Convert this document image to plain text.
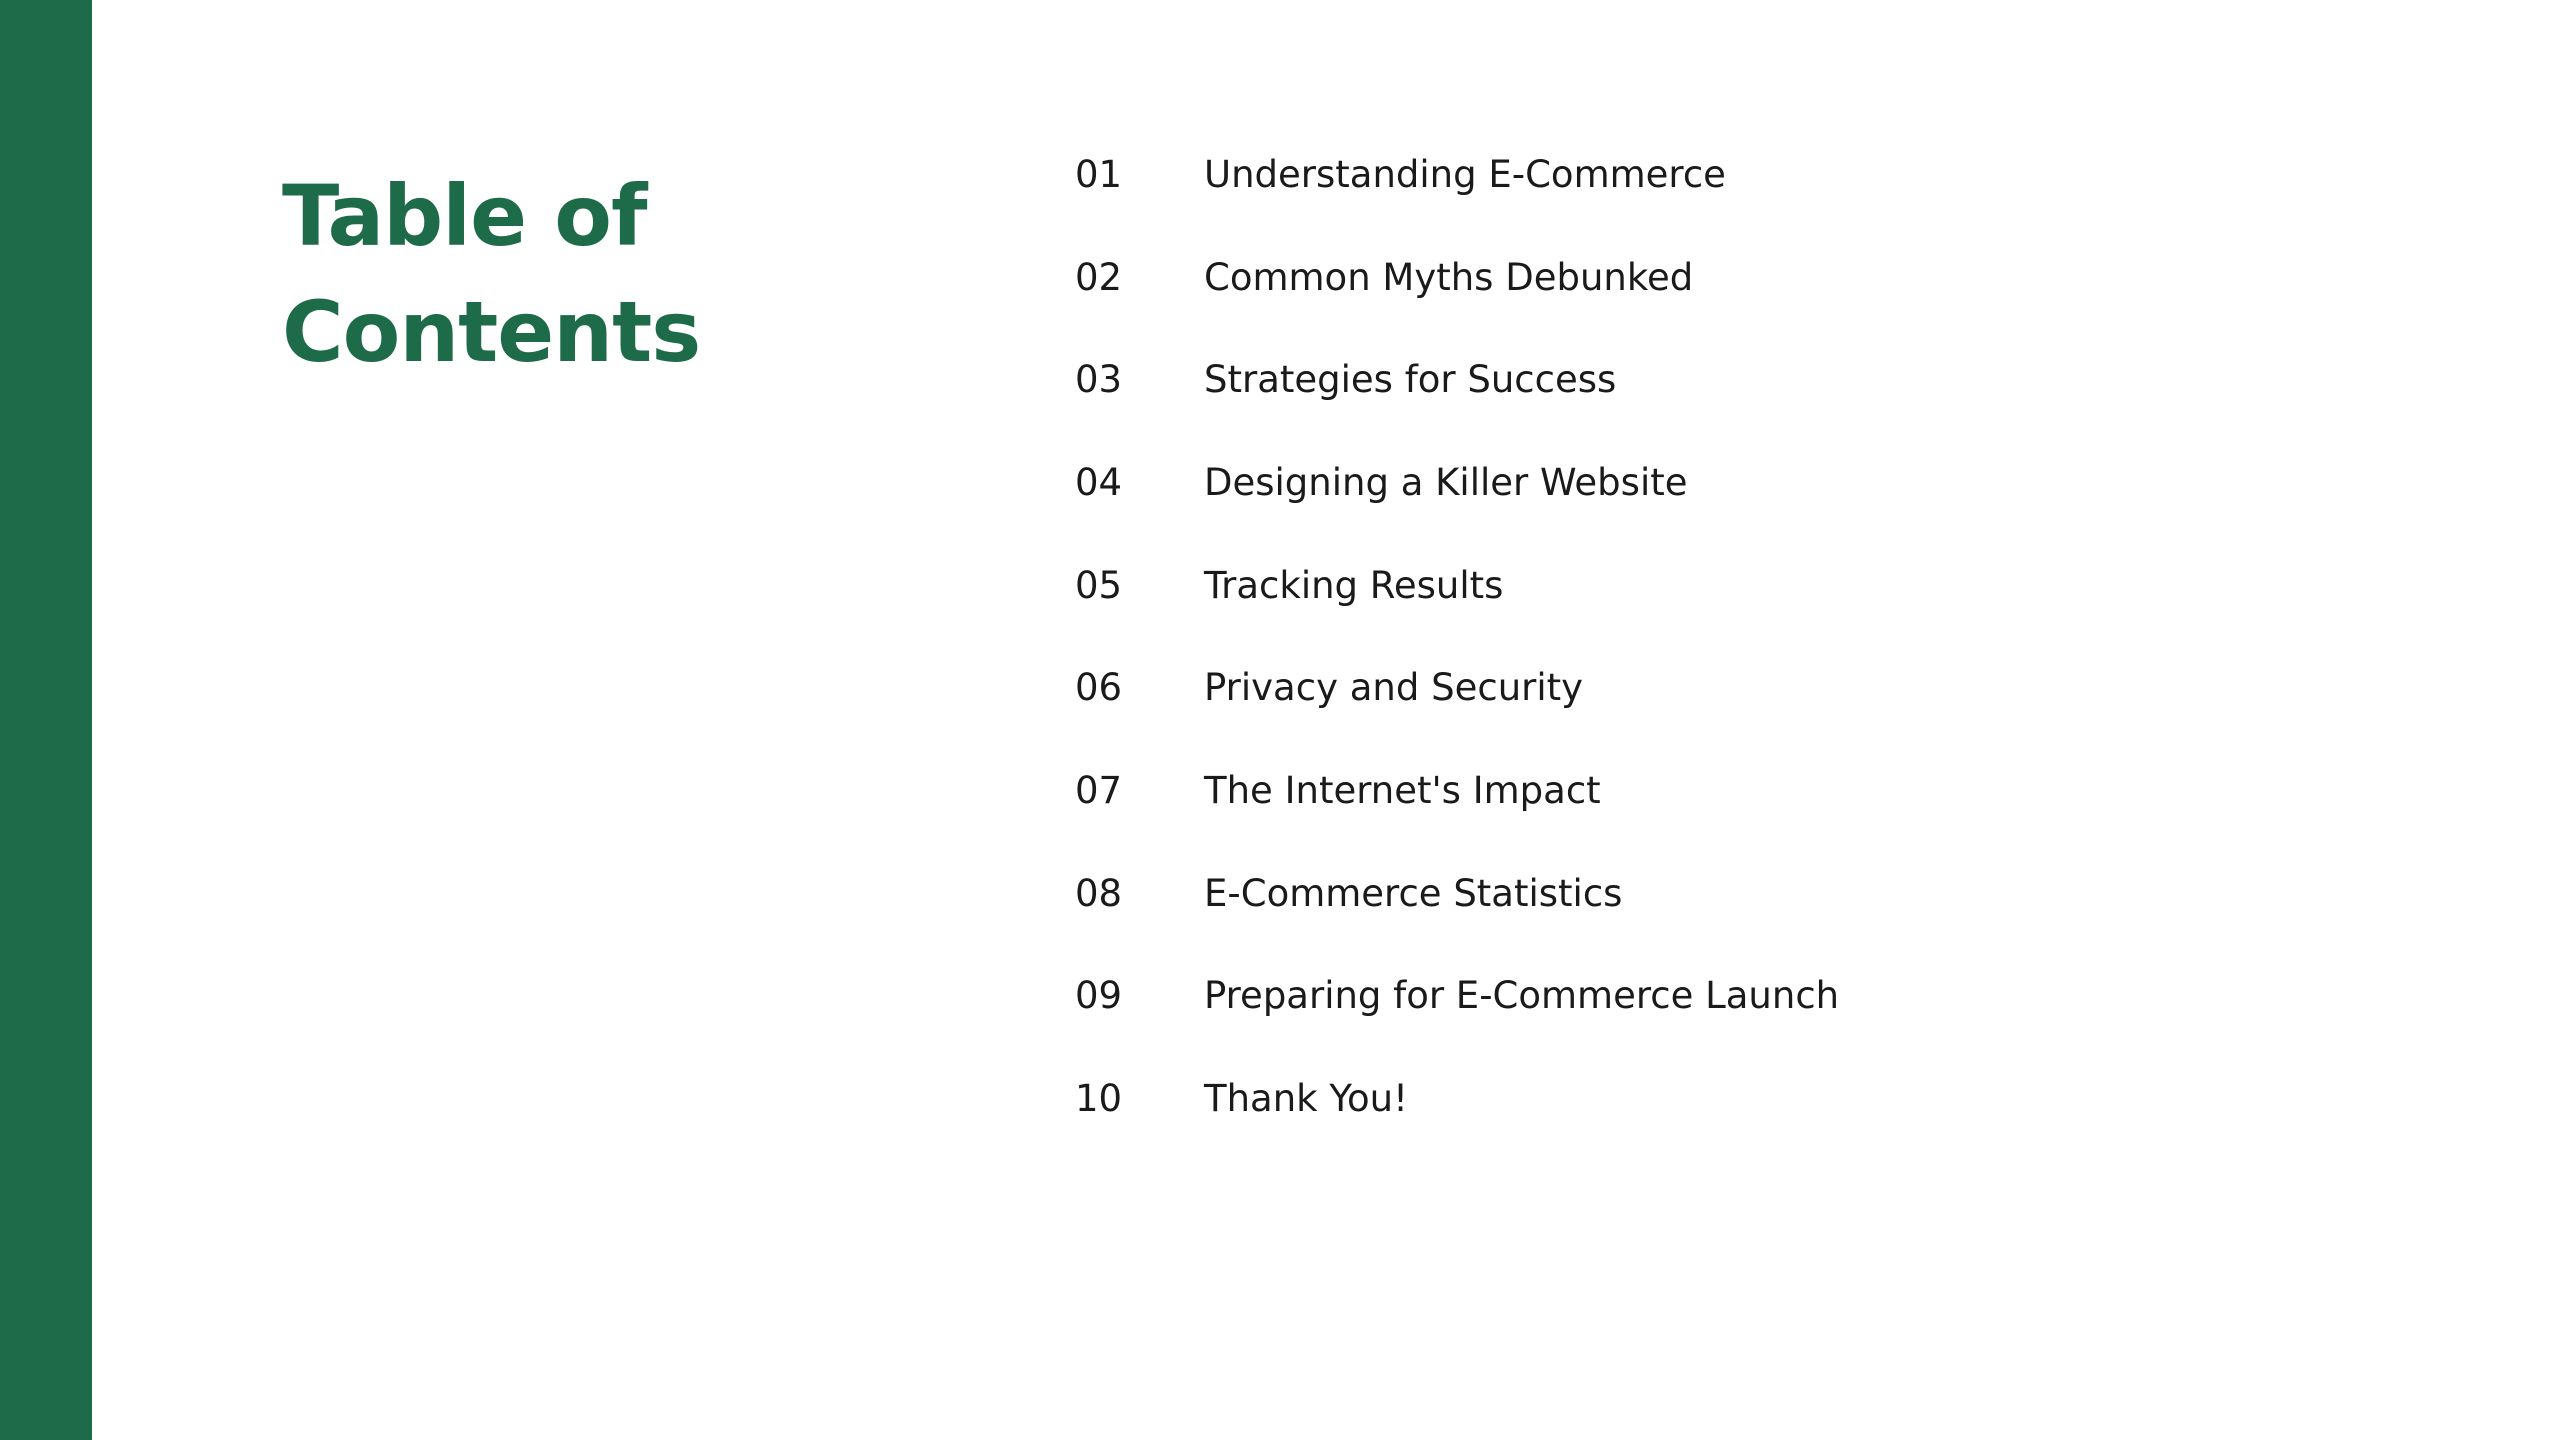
Table of
Contents
01	Understanding E-Commerce
02	Common Myths Debunked
03	Strategies for Success
04	Designing a Killer Website
05	Tracking Results
06	Privacy and Security
07	The Internet's Impact
08	E-Commerce Statistics
09	Preparing for E-Commerce Launch
10	Thank You!
